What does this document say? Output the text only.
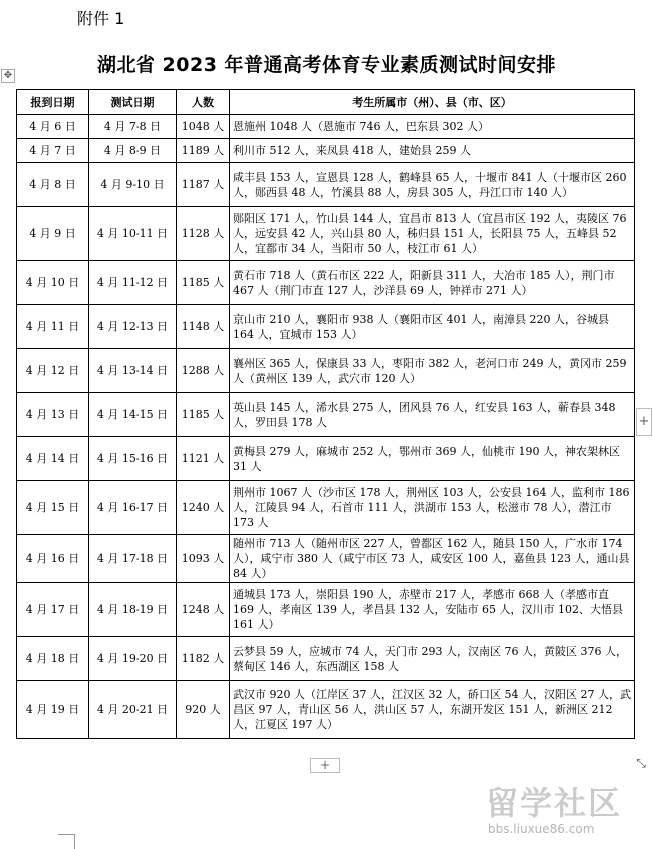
附件 1
湖北省 2023 年普通高考体育专业素质测试时间安排
✥
报到日期	测试日期	人数	考生所属市（州）、县（市、区）
4 月 6 日	4 月 7-8 日	1048 人	恩施州 1048 人（恩施市 746 人，巴东县 302 人）
4 月 7 日	4 月 8-9 日	1189 人	利川市 512 人，来凤县 418 人，建始县 259 人
4 月 8 日	4 月 9-10 日	1187 人	咸丰县 153 人，宣恩县 128 人，鹤峰县 65 人，十堰市 841 人（十堰市区 260 人，郧西县 48 人，竹溪县 88 人，房县 305 人，丹江口市 140 人）
4 月 9 日	4 月 10-11 日	1128 人	郧阳区 171 人，竹山县 144 人，宜昌市 813 人（宜昌市区 192 人，夷陵区 76 人，远安县 42 人，兴山县 80 人，秭归县 151 人，长阳县 75 人，五峰县 52 人，宜都市 34 人，当阳市 50 人，枝江市 61 人）
4 月 10 日	4 月 11-12 日	1185 人	黄石市 718 人（黄石市区 222 人，阳新县 311 人，大冶市 185 人），荆门市 467 人（荆门市直 127 人，沙洋县 69 人，钟祥市 271 人）
4 月 11 日	4 月 12-13 日	1148 人	京山市 210 人，襄阳市 938 人（襄阳市区 401 人，南漳县 220 人，谷城县 164 人，宜城市 153 人）
4 月 12 日	4 月 13-14 日	1288 人	襄州区 365 人，保康县 33 人，枣阳市 382 人，老河口市 249 人，黄冈市 259 人（黄州区 139 人，武穴市 120 人）
4 月 13 日	4 月 14-15 日	1185 人	英山县 145 人，浠水县 275 人，团风县 76 人，红安县 163 人，蕲春县 348 人，罗田县 178 人
4 月 14 日	4 月 15-16 日	1121 人	黄梅县 279 人，麻城市 252 人，鄂州市 369 人，仙桃市 190 人，神农架林区 31 人
4 月 15 日	4 月 16-17 日	1240 人	荆州市 1067 人（沙市区 178 人，荆州区 103 人，公安县 164 人，监利市 186 人，江陵县 94 人，石首市 111 人，洪湖市 153 人，松滋市 78 人），潜江市 173 人
4 月 16 日	4 月 17-18 日	1093 人	随州市 713 人（随州市区 227 人，曾都区 162 人，随县 150 人，广水市 174 人），咸宁市 380 人（咸宁市区 73 人，咸安区 100 人，嘉鱼县 123 人，通山县 84 人）
4 月 17 日	4 月 18-19 日	1248 人	通城县 173 人，崇阳县 190 人，赤壁市 217 人，孝感市 668 人（孝感市直 169 人，孝南区 139 人，孝昌县 132 人，安陆市 65 人，汉川市 102、大悟县 161 人）
4 月 18 日	4 月 19-20 日	1182 人	云梦县 59 人，应城市 74 人，天门市 293 人，汉南区 76 人，黄陂区 376 人，蔡甸区 146 人，东西湖区 158 人
4 月 19 日	4 月 20-21 日	920 人	武汉市 920 人（江岸区 37 人，江汉区 32 人，硚口区 54 人，汉阳区 27 人，武昌区 97 人，青山区 56 人，洪山区 57 人，东湖开发区 151 人，新洲区 212 人，江夏区 197 人）
+
+	⤡
留学社区
bbs.liuxue86.com
